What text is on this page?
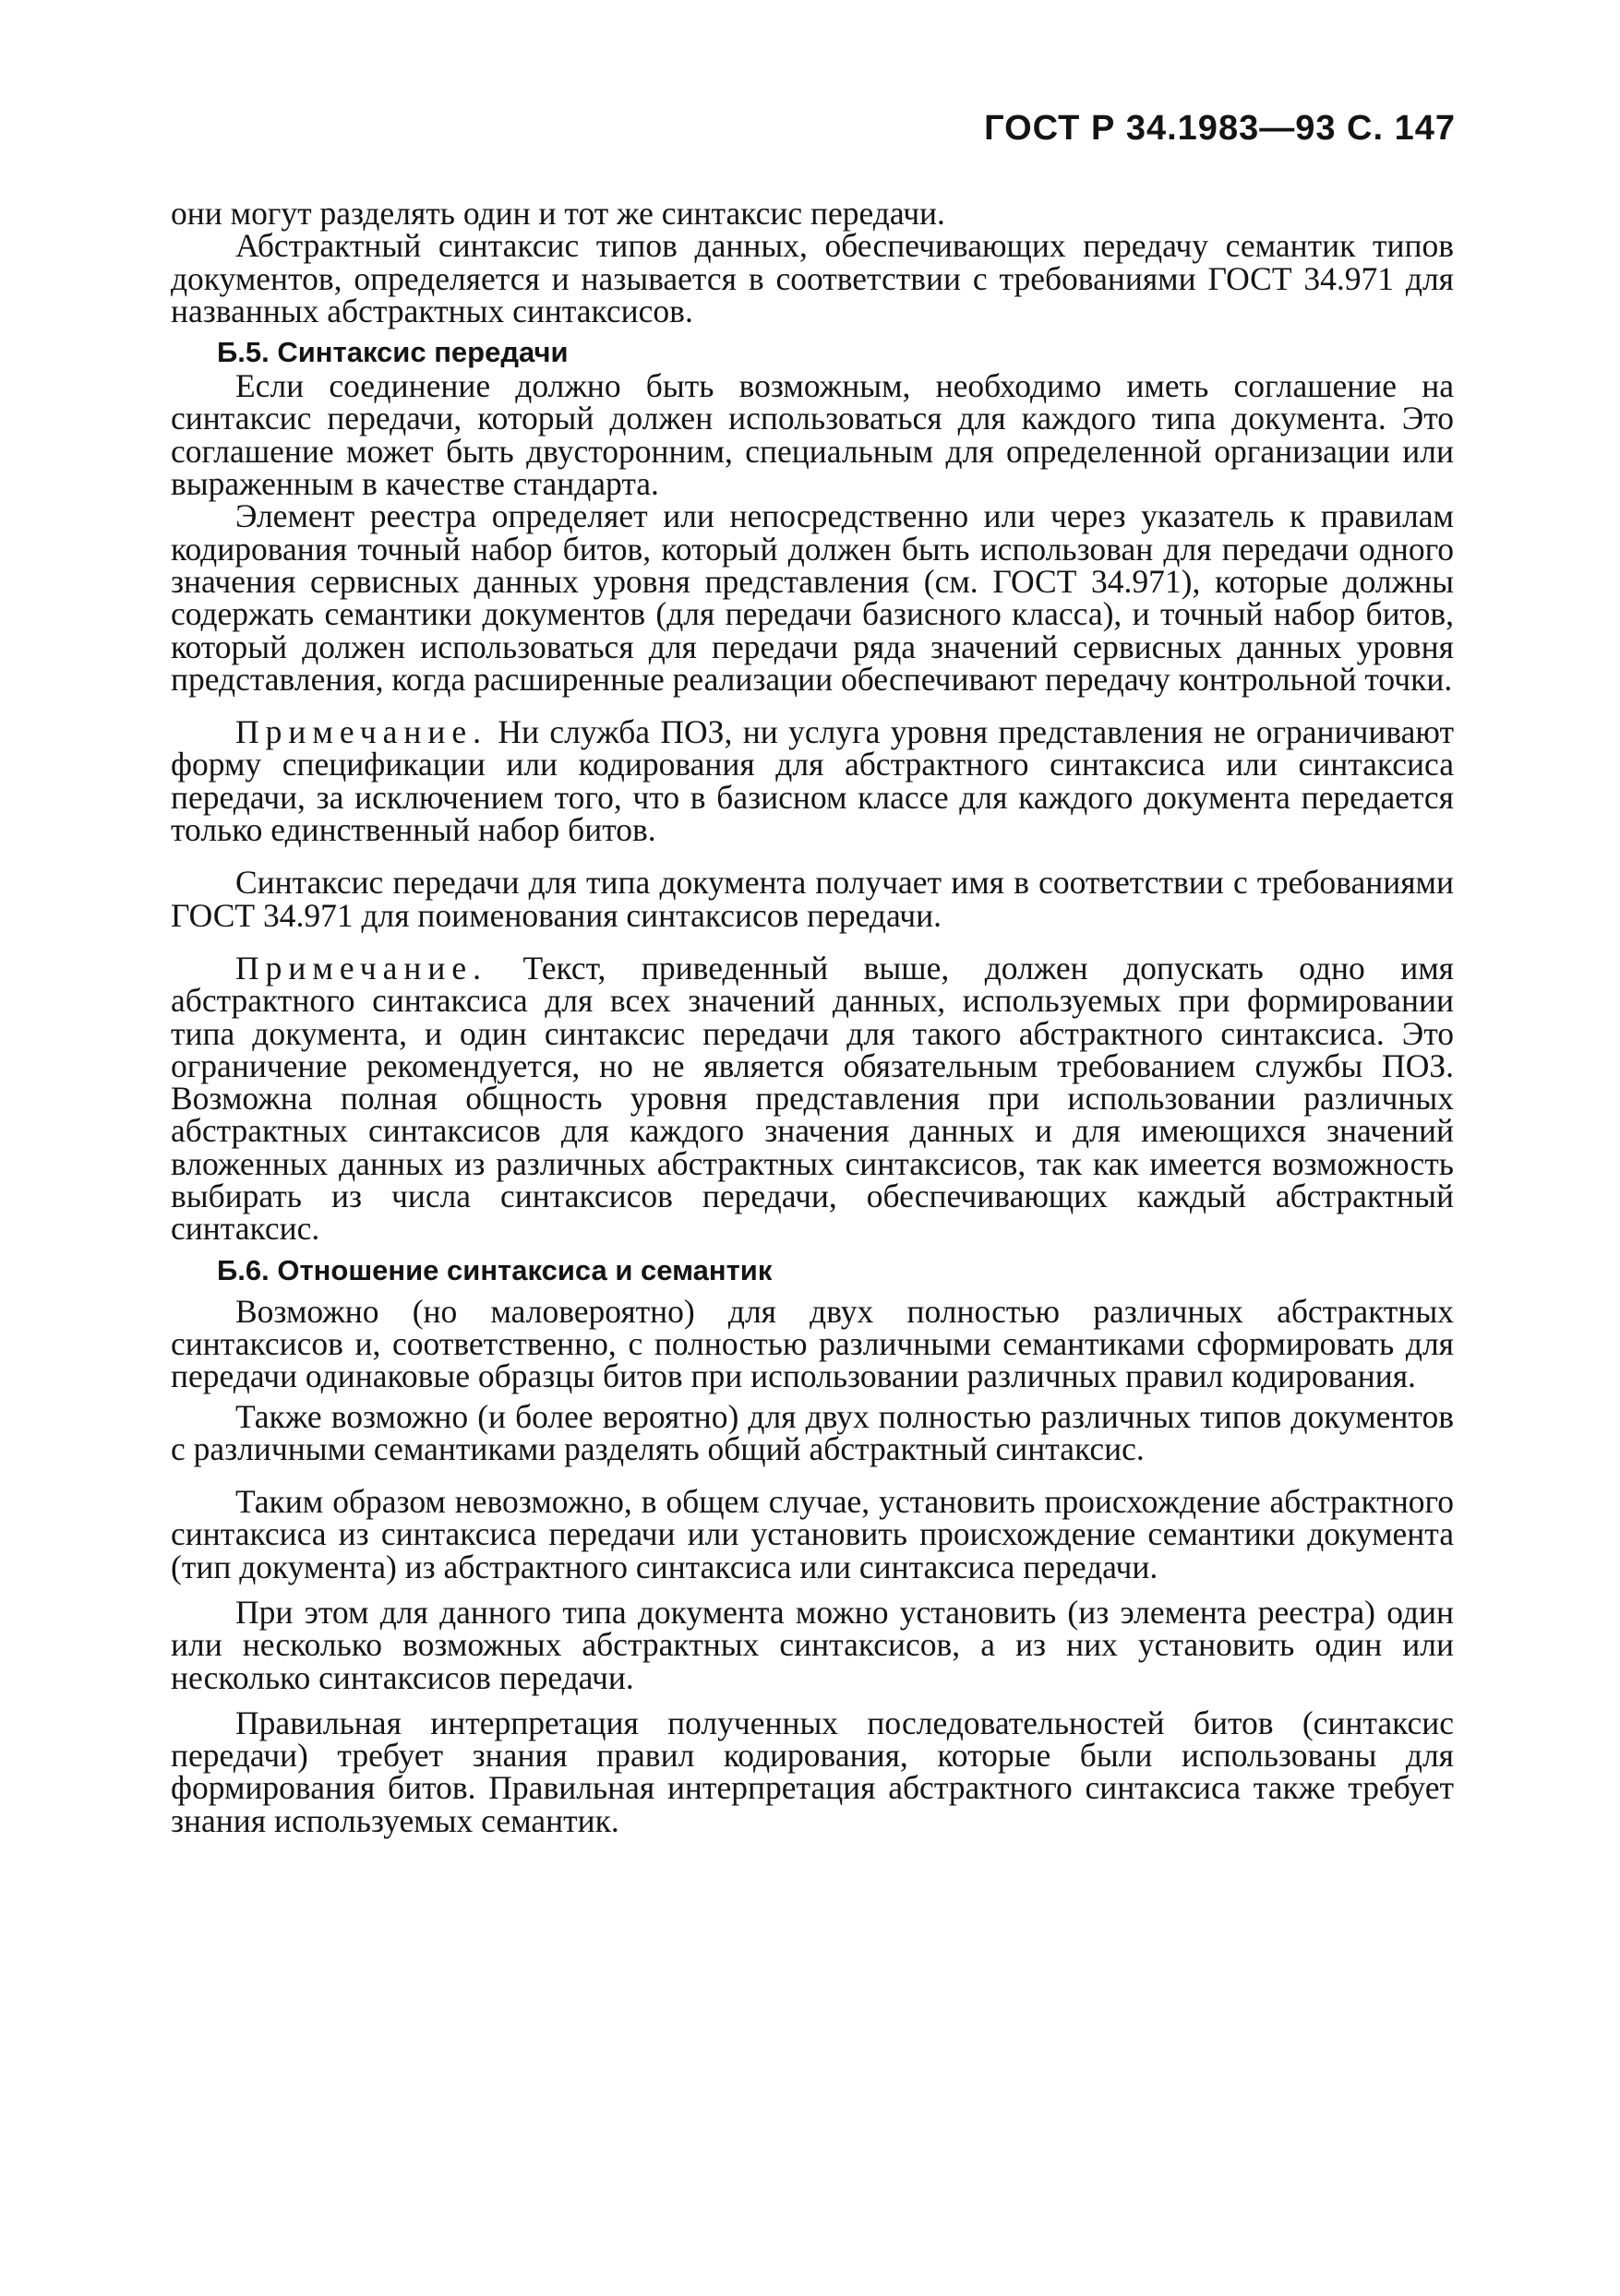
ГОСТ Р 34.1983—93 С. 147

они могут разделять один и тот же синтаксис передачи.

Абстрактный синтаксис типов данных, обеспечивающих передачу семантик типов документов, определяется и называется в соответствии с требованиями ГОСТ 34.971 для названных абстрактных синтаксисов.

Б.5. Синтаксис передачи

Если соединение должно быть возможным, необходимо иметь соглашение на синтаксис передачи, который должен использоваться для каждого типа документа. Это соглашение может быть двусторонним, специальным для определенной организации или выраженным в качестве стандарта.

Элемент реестра определяет или непосредственно или через указатель к правилам кодирования точный набор битов, который должен быть использован для передачи одного значения сервисных данных уровня представления (см. ГОСТ 34.971), которые должны содержать семантики документов (для передачи базисного класса), и точный набор битов, который должен использоваться для передачи ряда значений сервисных данных уровня представления, когда расширенные реализации обеспечивают передачу контрольной точки.

Примечание. Ни служба ПОЗ, ни услуга уровня представления не ограничивают форму спецификации или кодирования для абстрактного синтаксиса или синтаксиса передачи, за исключением того, что в базисном классе для каждого документа передается только единственный набор битов.

Синтаксис передачи для типа документа получает имя в соответствии с требованиями ГОСТ 34.971 для поименования синтаксисов передачи.

Примечание. Текст, приведенный выше, должен допускать одно имя абстрактного синтаксиса для всех значений данных, используемых при формировании типа документа, и один синтаксис передачи для такого абстрактного синтаксиса. Это ограничение рекомендуется, но не является обязательным требованием службы ПОЗ. Возможна полная общность уровня представления при использовании различных абстрактных синтаксисов для каждого значения данных и для имеющихся значений вложенных данных из различных абстрактных синтаксисов, так как имеется возможность выбирать из числа синтаксисов передачи, обеспечивающих каждый абстрактный синтаксис.

Б.6. Отношение синтаксиса и семантик

Возможно (но маловероятно) для двух полностью различных абстрактных синтаксисов и, соответственно, с полностью различными семантиками сформировать для передачи одинаковые образцы битов при использовании различных правил кодирования.

Также возможно (и более вероятно) для двух полностью различных типов документов с различными семантиками разделять общий абстрактный синтаксис.

Таким образом невозможно, в общем случае, установить происхождение абстрактного синтаксиса из синтаксиса передачи или установить происхождение семантики документа (тип документа) из абстрактного синтаксиса или синтаксиса передачи.

При этом для данного типа документа можно установить (из элемента реестра) один или несколько возможных абстрактных синтаксисов, а из них установить один или несколько синтаксисов передачи.

Правильная интерпретация полученных последовательностей битов (синтаксис передачи) требует знания правил кодирования, которые были использованы для формирования битов. Правильная интерпретация абстрактного синтаксиса также требует знания используемых семантик.
